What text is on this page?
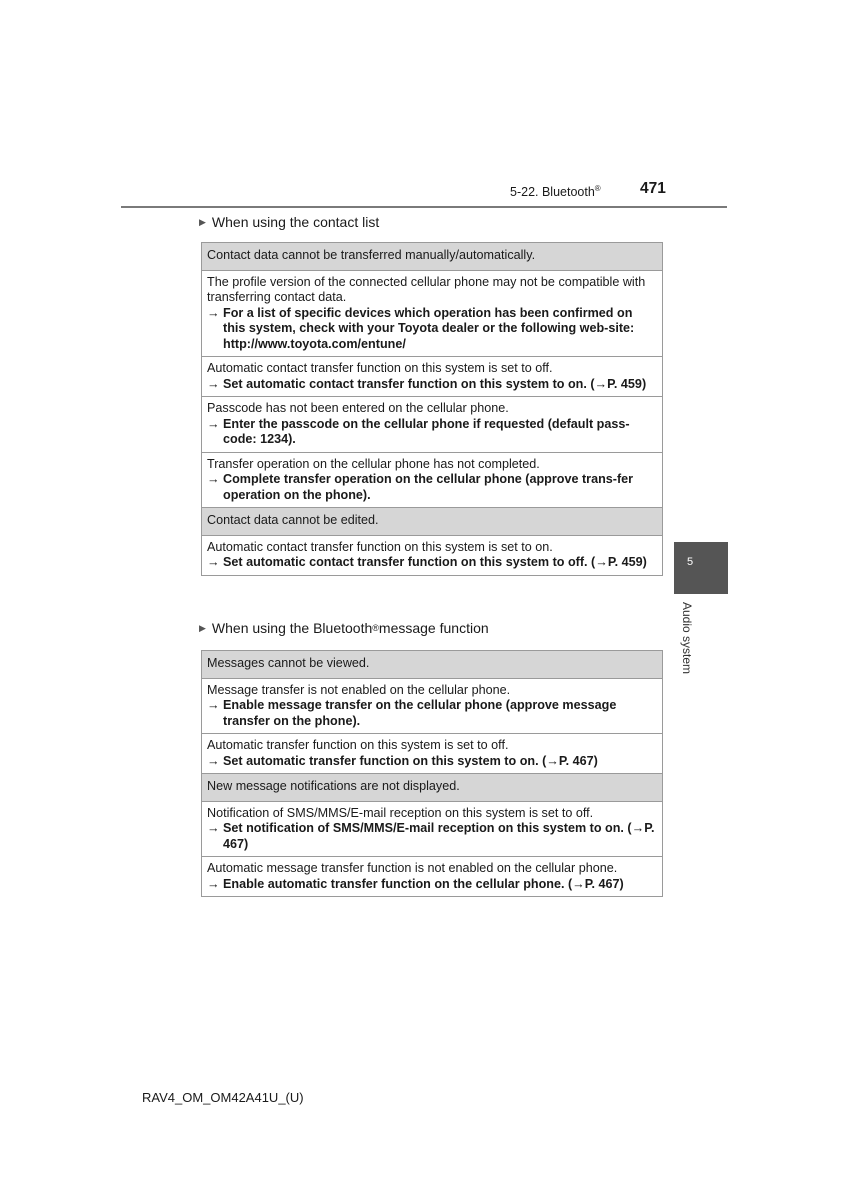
5-22. Bluetooth®	471
▶ When using the contact list
Contact data cannot be transferred manually/automatically.

The profile version of the connected cellular phone may not be compatible with transferring contact data.
→ For a list of specific devices which operation has been confirmed on this system, check with your Toyota dealer or the following web-site: http://www.toyota.com/entune/

Automatic contact transfer function on this system is set to off.
→ Set automatic contact transfer function on this system to on. (→P. 459)

Passcode has not been entered on the cellular phone.
→ Enter the passcode on the cellular phone if requested (default pass-code: 1234).

Transfer operation on the cellular phone has not completed.
→ Complete transfer operation on the cellular phone (approve trans-fer operation on the phone).

Contact data cannot be edited.

Automatic contact transfer function on this system is set to on.
→ Set automatic contact transfer function on this system to off. (→P. 459)
▶ When using the Bluetooth ® message function
Messages cannot be viewed.

Message transfer is not enabled on the cellular phone.
→ Enable message transfer on the cellular phone (approve message transfer on the phone).

Automatic transfer function on this system is set to off.
→ Set automatic transfer function on this system to on. (→P. 467)

New message notifications are not displayed.

Notification of SMS/MMS/E-mail reception on this system is set to off.
→ Set notification of SMS/MMS/E-mail reception on this system to on. (→P. 467)

Automatic message transfer function is not enabled on the cellular phone.
→ Enable automatic transfer function on the cellular phone. (→P. 467)
5
Audio system
RAV4_OM_OM42A41U_(U)
